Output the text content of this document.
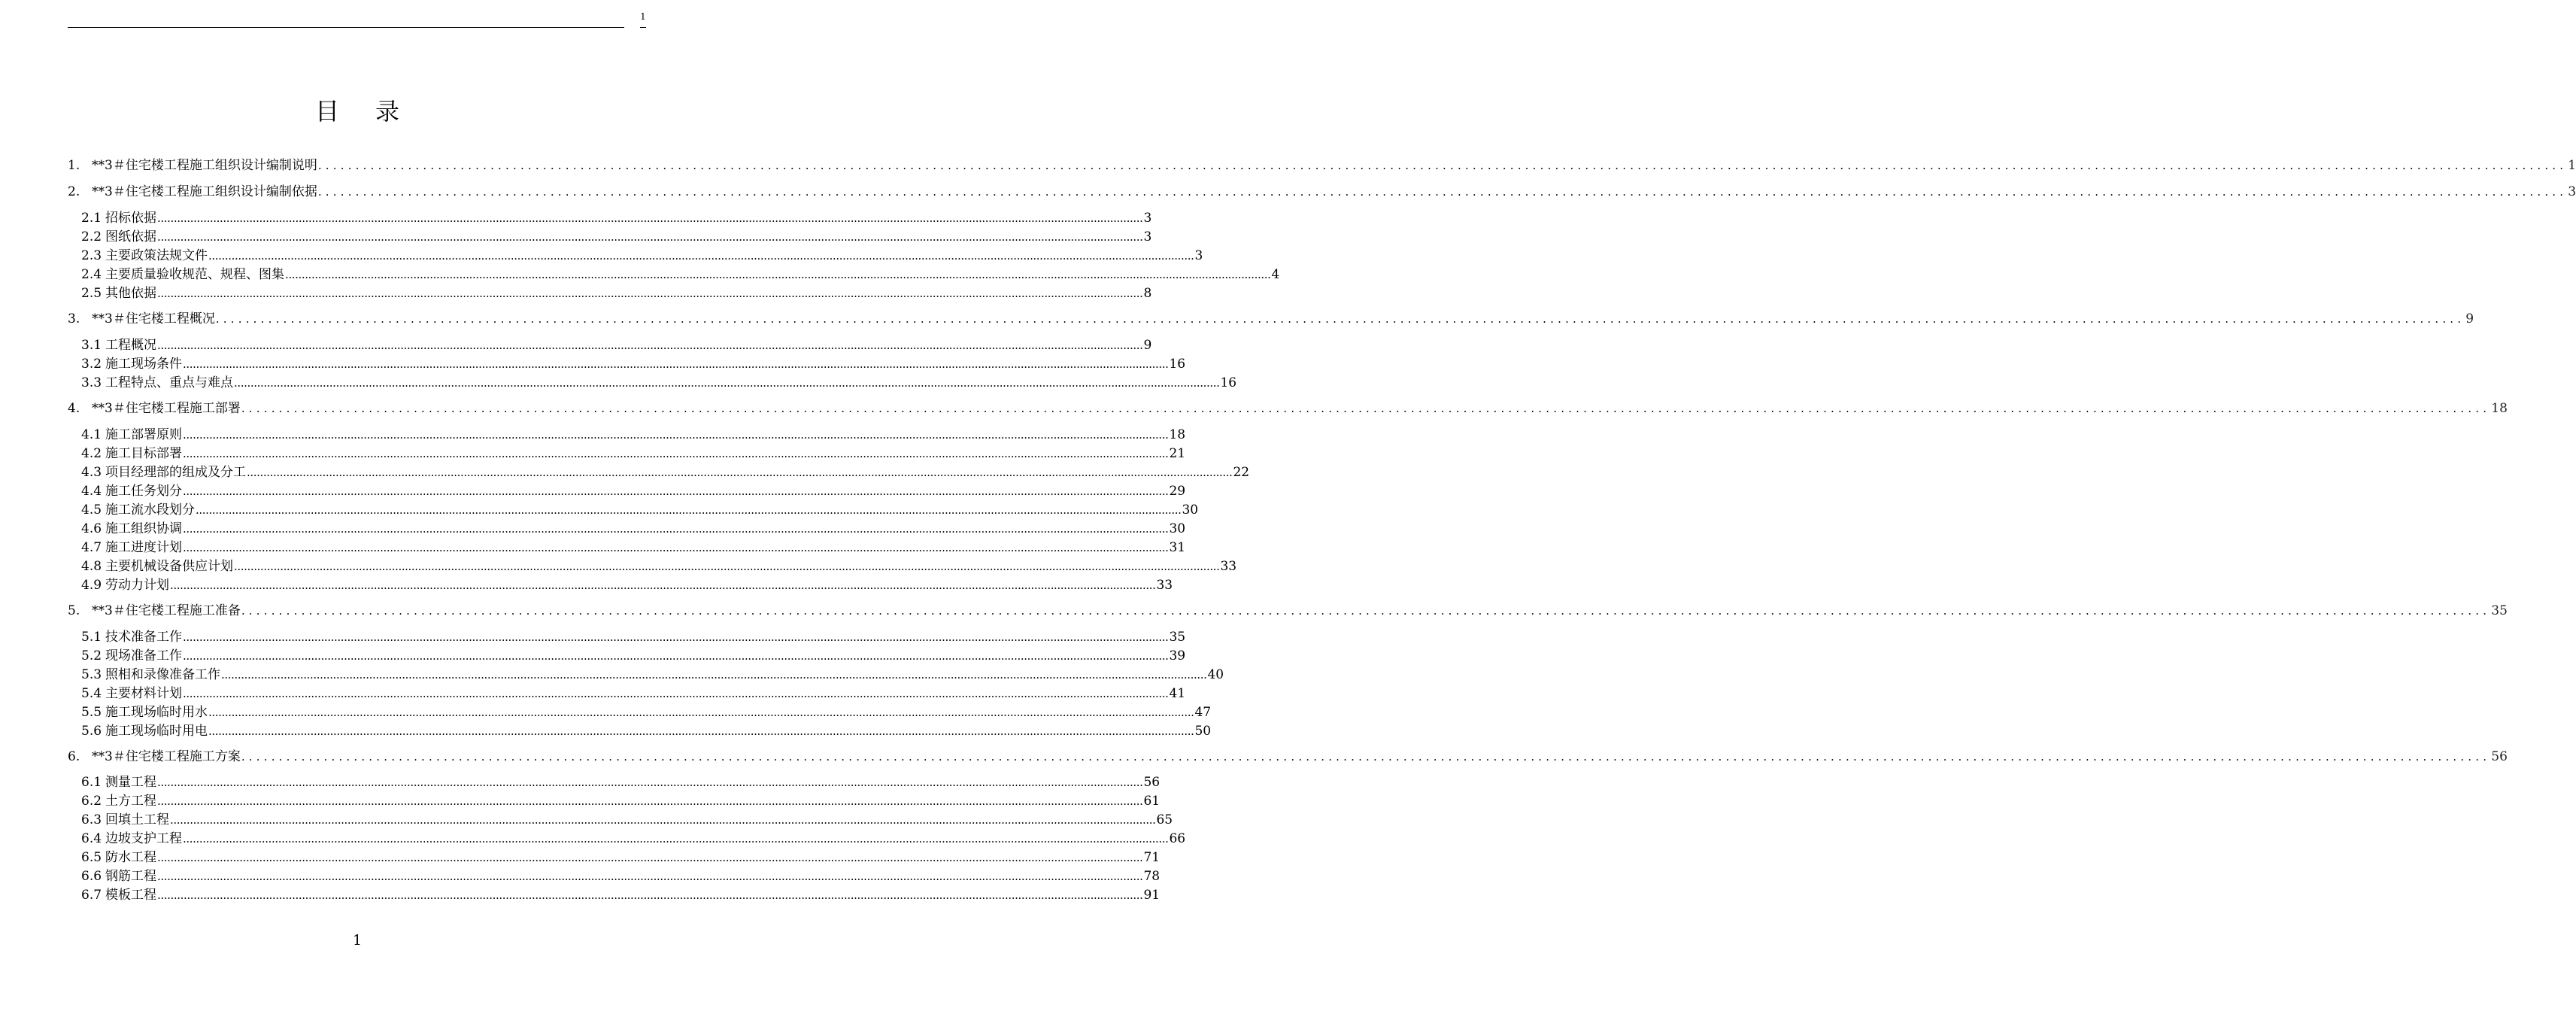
1
目录
1. **3＃住宅楼工程施工组织设计编制说明 ............................................................................................................................................................................................................................................................................................................ 1
2. **3＃住宅楼工程施工组织设计编制依据 ............................................................................................................................................................................................................................................................................................................ 3
2.1 招标依据 ............................................................................................................................................................................................................................................................................................................ 3
2.2 图纸依据 ............................................................................................................................................................................................................................................................................................................ 3
2.3 主要政策法规文件 ............................................................................................................................................................................................................................................................................................................ 3
2.4 主要质量验收规范、规程、图集 ............................................................................................................................................................................................................................................................................................................ 4
2.5 其他依据 ............................................................................................................................................................................................................................................................................................................ 8
3. **3＃住宅楼工程概况 ............................................................................................................................................................................................................................................................................................................ 9
3.1 工程概况 ............................................................................................................................................................................................................................................................................................................ 9
3.2 施工现场条件 ............................................................................................................................................................................................................................................................................................................ 16
3.3 工程特点、重点与难点 ............................................................................................................................................................................................................................................................................................................ 16
4. **3＃住宅楼工程施工部署 ............................................................................................................................................................................................................................................................................................................ 18
4.1 施工部署原则 ............................................................................................................................................................................................................................................................................................................ 18
4.2 施工目标部署 ............................................................................................................................................................................................................................................................................................................ 21
4.3 项目经理部的组成及分工 ............................................................................................................................................................................................................................................................................................................ 22
4.4 施工任务划分 ............................................................................................................................................................................................................................................................................................................ 29
4.5 施工流水段划分 ............................................................................................................................................................................................................................................................................................................ 30
4.6 施工组织协调 ............................................................................................................................................................................................................................................................................................................ 30
4.7 施工进度计划 ............................................................................................................................................................................................................................................................................................................ 31
4.8 主要机械设备供应计划 ............................................................................................................................................................................................................................................................................................................ 33
4.9 劳动力计划 ............................................................................................................................................................................................................................................................................................................ 33
5. **3＃住宅楼工程施工准备 ............................................................................................................................................................................................................................................................................................................ 35
5.1 技术准备工作 ............................................................................................................................................................................................................................................................................................................ 35
5.2 现场准备工作 ............................................................................................................................................................................................................................................................................................................ 39
5.3 照相和录像准备工作 ............................................................................................................................................................................................................................................................................................................ 40
5.4 主要材料计划 ............................................................................................................................................................................................................................................................................................................ 41
5.5 施工现场临时用水 ............................................................................................................................................................................................................................................................................................................ 47
5.6 施工现场临时用电 ............................................................................................................................................................................................................................................................................................................ 50
6. **3＃住宅楼工程施工方案 ............................................................................................................................................................................................................................................................................................................ 56
6.1 测量工程 ............................................................................................................................................................................................................................................................................................................ 56
6.2 土方工程 ............................................................................................................................................................................................................................................................................................................ 61
6.3 回填土工程 ............................................................................................................................................................................................................................................................................................................ 65
6.4 边坡支护工程 ............................................................................................................................................................................................................................................................................................................ 66
6.5 防水工程 ............................................................................................................................................................................................................................................................................................................ 71
6.6 钢筋工程 ............................................................................................................................................................................................................................................................................................................ 78
6.7 模板工程 ............................................................................................................................................................................................................................................................................................................ 91
1
